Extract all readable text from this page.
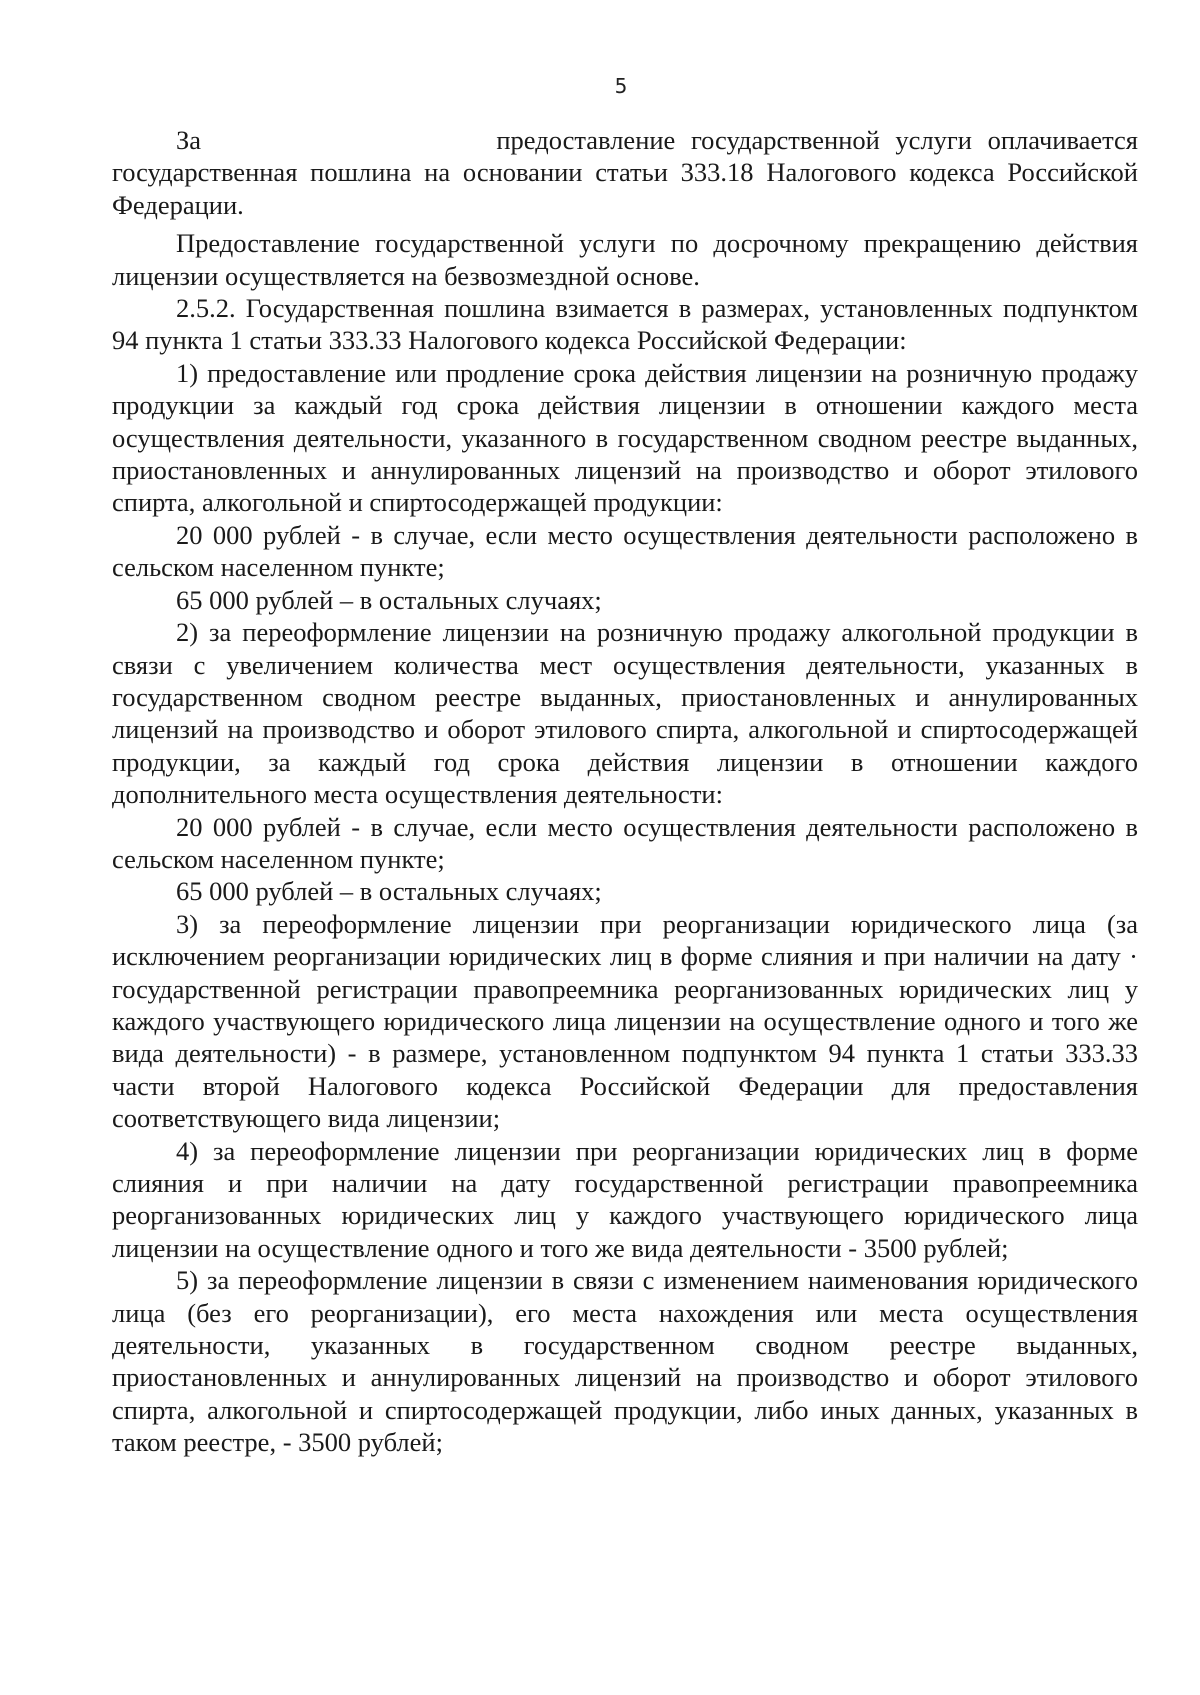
5
За	предоставление государственной услуги оплачивается

государственная пошлина на основании статьи 333.18 Налогового кодекса Российской Федерации.

Предоставление государственной услуги по досрочному прекращению действия лицензии осуществляется на безвозмездной основе.

2.5.2. Государственная пошлина взимается в размерах, установленных подпунктом 94 пункта 1 статьи 333.33 Налогового кодекса Российской Федерации:

1) предоставление или продление срока действия лицензии на розничную продажу продукции за каждый год срока действия лицензии в отношении каждого места осуществления деятельности, указанного в государственном сводном реестре выданных, приостановленных и аннулированных лицензий на производство и оборот этилового спирта, алкогольной и спиртосодержащей продукции:

20 000 рублей - в случае, если место осуществления деятельности расположено в сельском населенном пункте;

65 000 рублей – в остальных случаях;

2) за переоформление лицензии на розничную продажу алкогольной продукции в связи с увеличением количества мест осуществления деятельности, указанных в государственном сводном реестре выданных, приостановленных и аннулированных лицензий на производство и оборот этилового спирта, алкогольной и спиртосодержащей продукции, за каждый год срока действия лицензии в отношении каждого дополнительного места осуществления деятельности:

20 000 рублей - в случае, если место осуществления деятельности расположено в сельском населенном пункте;

65 000 рублей – в остальных случаях;

3) за переоформление лицензии при реорганизации юридического лица (за исключением реорганизации юридических лиц в форме слияния и при наличии на дату · государственной регистрации правопреемника реорганизованных юридических лиц у каждого участвующего юридического лица лицензии на осуществление одного и того же вида деятельности) - в размере, установленном подпунктом 94 пункта 1 статьи 333.33 части второй Налогового кодекса Российской Федерации для предоставления соответствующего вида лицензии;

4) за переоформление лицензии при реорганизации юридических лиц в форме слияния и при наличии на дату государственной регистрации правопреемника реорганизованных юридических лиц у каждого участвующего юридического лица лицензии на осуществление одного и того же вида деятельности - 3500 рублей;

5) за переоформление лицензии в связи с изменением наименования юридического лица (без его реорганизации), его места нахождения или места осуществления деятельности, указанных в государственном сводном реестре выданных, приостановленных и аннулированных лицензий на производство и оборот этилового спирта, алкогольной и спиртосодержащей продукции, либо иных данных, указанных в таком реестре, - 3500 рублей;
